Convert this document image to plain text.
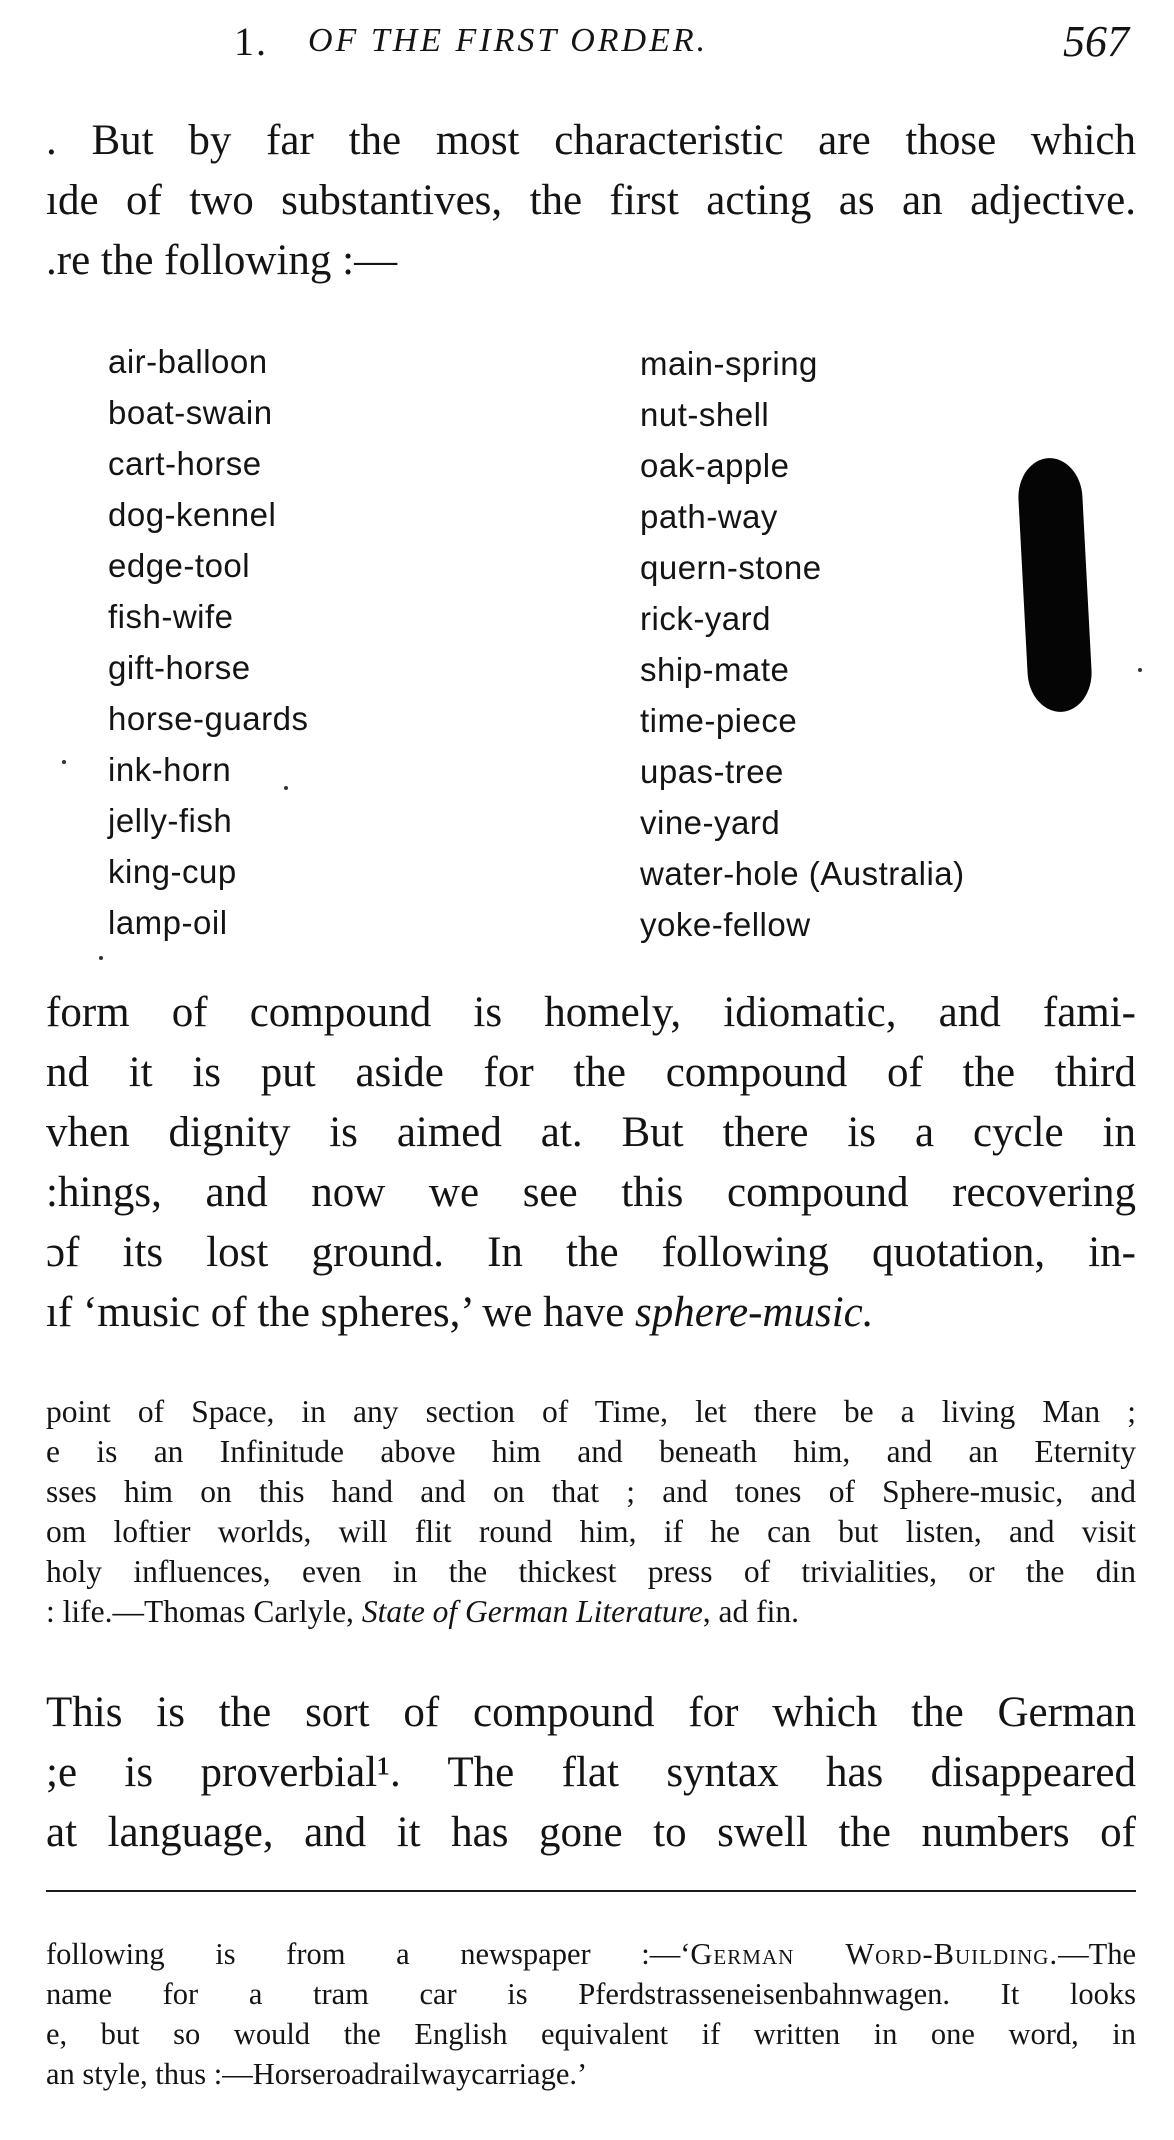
1. OF THE FIRST ORDER.	567
. But by far the most characteristic are those which
ıde of two substantives, the first acting as an adjective.
.re the following :—
air-balloon
boat-swain
cart-horse
dog-kennel
edge-tool
fish-wife
gift-horse
horse-guards
ink-horn
jelly-fish
king-cup
lamp-oil
main-spring
nut-shell
oak-apple
path-way
quern-stone
rick-yard
ship-mate
time-piece
upas-tree
vine-yard
water-hole (Australia)
yoke-fellow
form of compound is homely, idiomatic, and fami-
nd it is put aside for the compound of the third
vhen dignity is aimed at. But there is a cycle in
:hings, and now we see this compound recovering
ɔf its lost ground. In the following quotation, in-
ıf ‘music of the spheres,’ we have sphere-music.
point of Space, in any section of Time, let there be a living Man ;
e is an Infinitude above him and beneath him, and an Eternity
sses him on this hand and on that ; and tones of Sphere-music, and
om loftier worlds, will flit round him, if he can but listen, and visit
holy influences, even in the thickest press of trivialities, or the din
: life.—Thomas Carlyle, State of German Literature, ad fin.
This is the sort of compound for which the German
;e is proverbial¹. The flat syntax has disappeared
at language, and it has gone to swell the numbers of
following is from a newspaper :—‘German Word-Building.—The
name for a tram car is Pferdstrasseneisenbahnwagen. It looks
e, but so would the English equivalent if written in one word, in
an style, thus :—Horseroadrailwaycarriage.’
